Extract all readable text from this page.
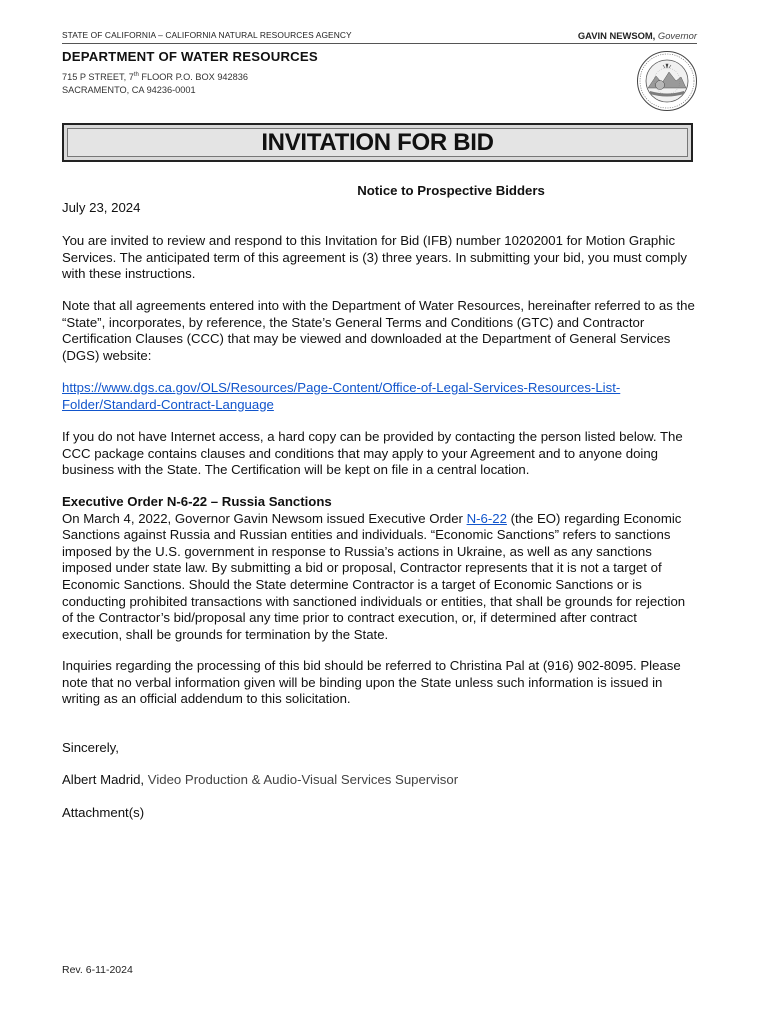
STATE OF CALIFORNIA – CALIFORNIA NATURAL RESOURCES AGENCY	GAVIN NEWSOM, Governor
DEPARTMENT OF WATER RESOURCES
715 P STREET, 7th FLOOR P.O. BOX 942836
SACRAMENTO, CA 94236-0001
INVITATION FOR BID
Notice to Prospective Bidders
July 23, 2024
You are invited to review and respond to this Invitation for Bid (IFB) number 10202001 for Motion Graphic Services. The anticipated term of this agreement is (3) three years. In submitting your bid, you must comply with these instructions.
Note that all agreements entered into with the Department of Water Resources, hereinafter referred to as the “State”, incorporates, by reference, the State’s General Terms and Conditions (GTC) and Contractor Certification Clauses (CCC) that may be viewed and downloaded at the Department of General Services (DGS) website:
https://www.dgs.ca.gov/OLS/Resources/Page-Content/Office-of-Legal-Services-Resources-List-Folder/Standard-Contract-Language
If you do not have Internet access, a hard copy can be provided by contacting the person listed below. The CCC package contains clauses and conditions that may apply to your Agreement and to anyone doing business with the State. The Certification will be kept on file in a central location.
Executive Order N-6-22 – Russia Sanctions
On March 4, 2022, Governor Gavin Newsom issued Executive Order N-6-22 (the EO) regarding Economic Sanctions against Russia and Russian entities and individuals. “Economic Sanctions” refers to sanctions imposed by the U.S. government in response to Russia’s actions in Ukraine, as well as any sanctions imposed under state law. By submitting a bid or proposal, Contractor represents that it is not a target of Economic Sanctions. Should the State determine Contractor is a target of Economic Sanctions or is conducting prohibited transactions with sanctioned individuals or entities, that shall be grounds for rejection of the Contractor’s bid/proposal any time prior to contract execution, or, if determined after contract execution, shall be grounds for termination by the State.
Inquiries regarding the processing of this bid should be referred to Christina Pal at (916) 902-8095. Please note that no verbal information given will be binding upon the State unless such information is issued in writing as an official addendum to this solicitation.
Sincerely,
Albert Madrid, Video Production & Audio-Visual Services Supervisor
Attachment(s)
Rev. 6-11-2024
